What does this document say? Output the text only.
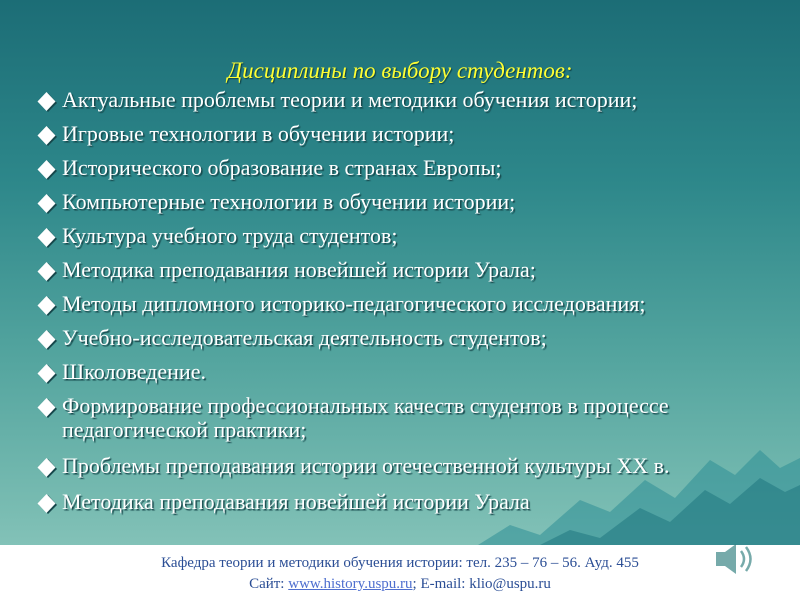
Дисциплины по выбору студентов:
Актуальные проблемы теории и методики обучения истории;
Игровые технологии в обучении истории;
Исторического образование в странах Европы;
Компьютерные технологии в обучении истории;
Культура учебного труда студентов;
Методика преподавания новейшей истории Урала;
Методы дипломного историко-педагогического исследования;
Учебно-исследовательская деятельность студентов;
Школоведение.
Формирование профессиональных качеств студентов в процессе педагогической практики;
Проблемы преподавания истории отечественной культуры XX в.
Методика преподавания новейшей истории Урала
Кафедра теории и методики обучения истории: тел. 235 – 76 – 56. Ауд. 455
Сайт: www.history.uspu.ru; E-mail: klio@uspu.ru
